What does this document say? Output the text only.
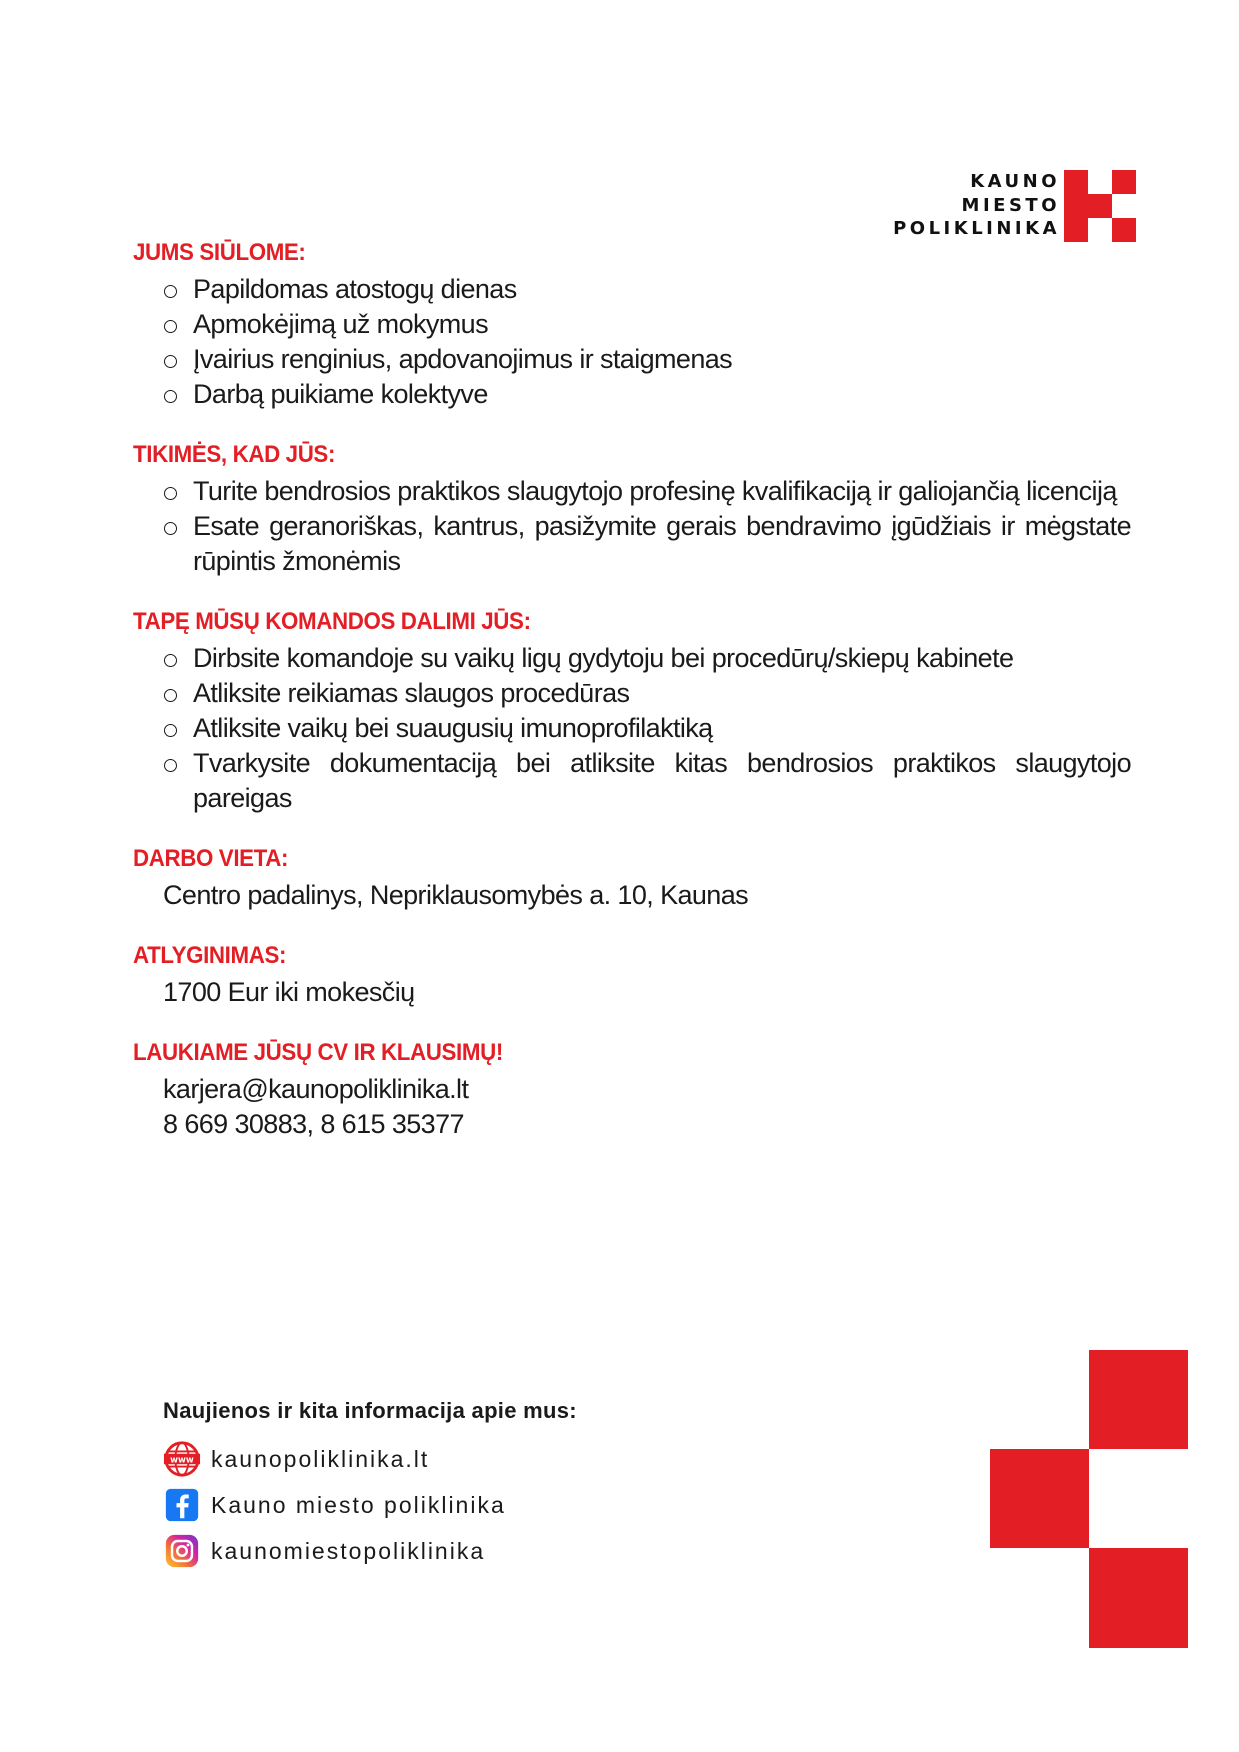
KAUNO
MIESTO
POLIKLINIKA
JUMS SIŪLOME:
Papildomas atostogų dienas
Apmokėjimą už mokymus
Įvairius renginius, apdovanojimus ir staigmenas
Darbą puikiame kolektyve
TIKIMĖS, KAD JŪS:
Turite bendrosios praktikos slaugytojo profesinę kvalifikaciją ir galiojančią licenciją
Esate geranoriškas, kantrus, pasižymite gerais bendravimo įgūdžiais ir mėgstate rūpintis žmonėmis
TAPĘ MŪSŲ KOMANDOS DALIMI JŪS:
Dirbsite komandoje su vaikų ligų gydytoju bei procedūrų/skiepų kabinete
Atliksite reikiamas slaugos procedūras
Atliksite vaikų bei suaugusių imunoprofilaktiką
Tvarkysite dokumentaciją bei atliksite kitas bendrosios praktikos slaugytojo pareigas
DARBO VIETA:
Centro padalinys, Nepriklausomybės a. 10, Kaunas
ATLYGINIMAS:
1700 Eur iki mokesčių
LAUKIAME JŪSŲ CV IR KLAUSIMŲ!
karjera@kaunopoliklinika.lt
8 669 30883, 8 615 35377
Naujienos ir kita informacija apie mus:
www kaunopoliklinika.lt
Kauno miesto poliklinika
kaunomiestopoliklinika
